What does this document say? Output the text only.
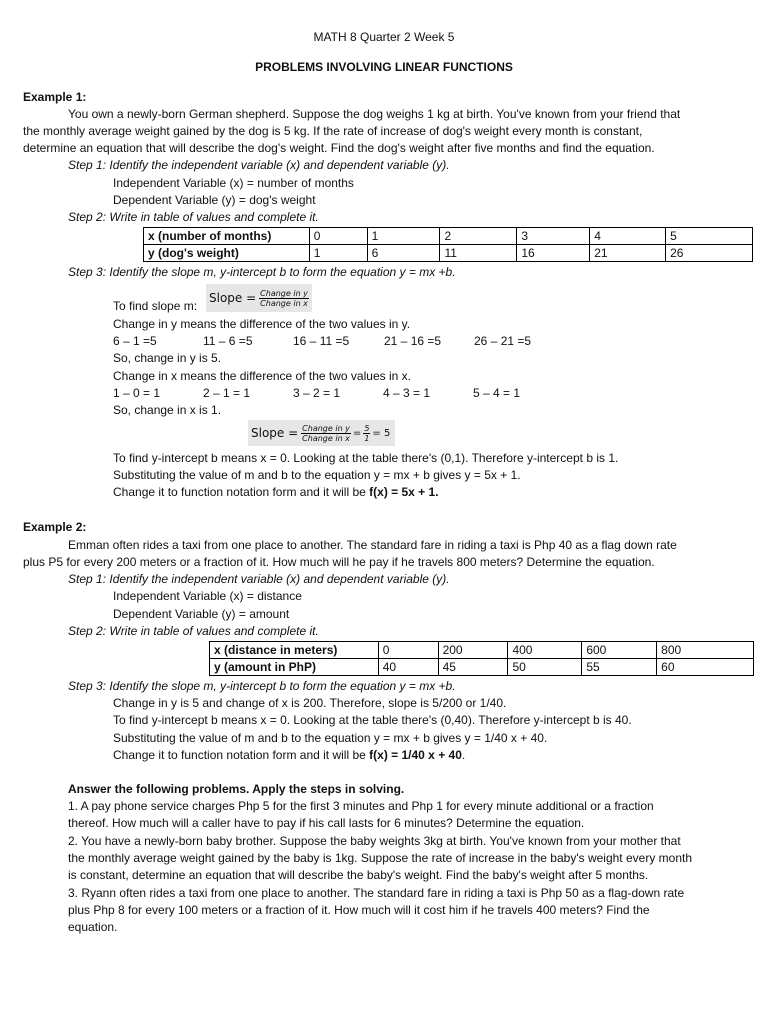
MATH 8 Quarter 2 Week 5
PROBLEMS INVOLVING LINEAR FUNCTIONS
Example 1:
You own a newly-born German shepherd. Suppose the dog weighs 1 kg at birth. You've known from your friend that
the monthly average weight gained by the dog is 5 kg. If the rate of increase of dog's weight every month is constant,
determine an equation that will describe the dog's weight. Find the dog's weight after five months and find the equation.
Step 1: Identify the independent variable (x) and dependent variable (y).
Independent Variable (x) = number of months
Dependent Variable (y) = dog's weight
Step 2: Write in table of values and complete it.
x (number of months)	0	1	2	3	4	5
y (dog's weight)	1	6	11	16	21	26
Step 3: Identify the slope m, y-intercept b to form the equation y = mx +b.
To find slope m:
Slope = Change in y
Change in x
Change in y means the difference of the two values in y.
6 – 1 =5	11 – 6 =5	16 – 11 =5	21 – 16 =5	26 – 21 =5
So, change in y is 5.
Change in x means the difference of the two values in x.
1 – 0 = 1	2 – 1 = 1	3 – 2 = 1	4 – 3 = 1	5 – 4 = 1
So, change in x is 1.
Slope = Change in y
Change in $x = \frac{5}{1} = 5$
To find y-intercept b means x = 0. Looking at the table there's (0,1). Therefore y-intercept b is 1.
Substituting the value of m and b to the equation y = mx + b gives y = 5x + 1.
Change it to function notation form and it will be f(x) = 5x + 1.
Example 2:
Emman often rides a taxi from one place to another. The standard fare in riding a taxi is Php 40 as a flag down rate
plus P5 for every 200 meters or a fraction of it. How much will he pay if he travels 800 meters? Determine the equation.
Step 1: Identify the independent variable (x) and dependent variable (y).
Independent Variable (x) = distance
Dependent Variable (y) = amount
Step 2: Write in table of values and complete it.
x (distance in meters)	0	200	400	600	800
y (amount in PhP)	40	45	50	55	60
Step 3: Identify the slope m, y-intercept b to form the equation y = mx +b.
Change in y is 5 and change of x is 200. Therefore, slope is 5/200 or 1/40.
To find y-intercept b means x = 0. Looking at the table there's (0,40). Therefore y-intercept b is 40.
Substituting the value of m and b to the equation y = mx + b gives y = 1/40 x + 40.
Change it to function notation form and it will be f(x) = 1/40 x + 40.
Answer the following problems. Apply the steps in solving.
1. A pay phone service charges Php 5 for the first 3 minutes and Php 1 for every minute additional or a fraction
thereof. How much will a caller have to pay if his call lasts for 6 minutes? Determine the equation.
2. You have a newly-born baby brother. Suppose the baby weights 3kg at birth. You've known from your mother that
the monthly average weight gained by the baby is 1kg. Suppose the rate of increase in the baby's weight every month
is constant, determine an equation that will describe the baby's weight. Find the baby's weight after 5 months.
3. Ryann often rides a taxi from one place to another. The standard fare in riding a taxi is Php 50 as a flag-down rate
plus Php 8 for every 100 meters or a fraction of it. How much will it cost him if he travels 400 meters? Find the
equation.
